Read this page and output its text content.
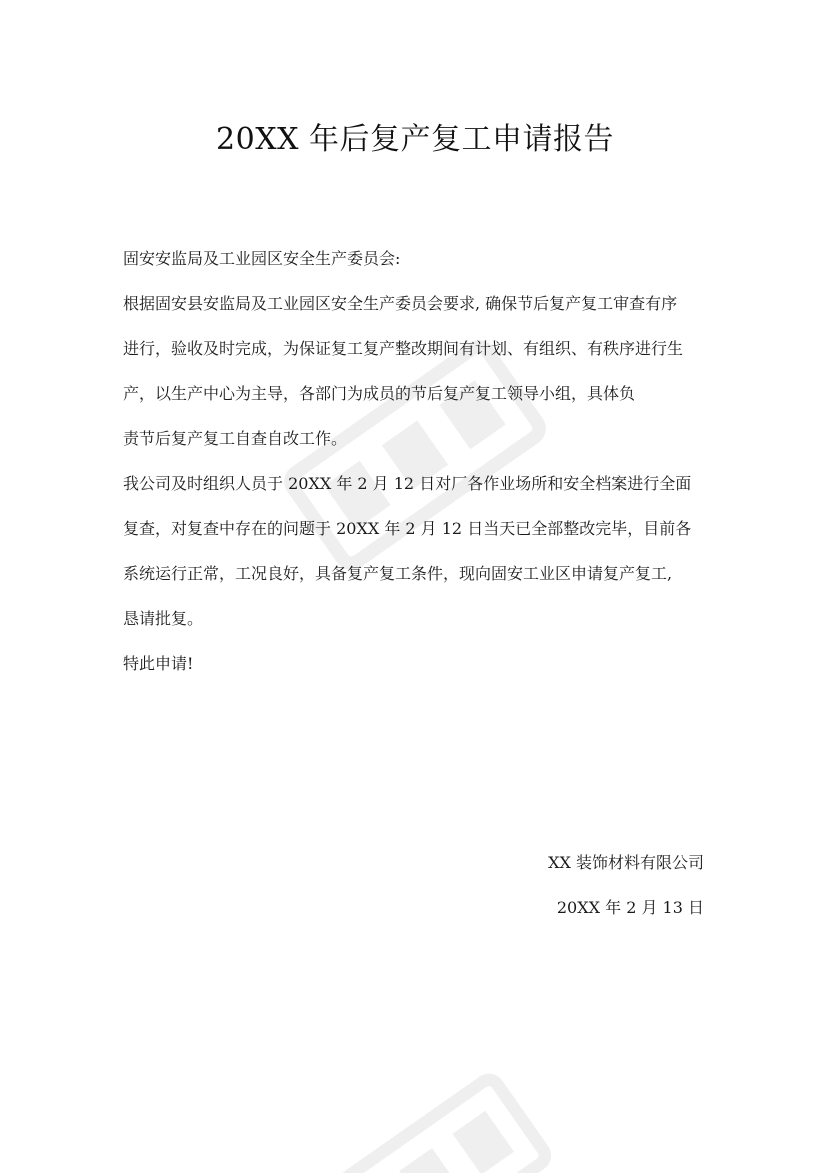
20XX 年后复产复工申请报告
固安安监局及工业园区安全生产委员会:
根据固安县安监局及工业园区安全生产委员会要求, 确保节后复产复工审查有序
进行，验收及时完成，为保证复工复产整改期间有计划、有组织、有秩序进行生
产，以生产中心为主导，各部门为成员的节后复产复工领导小组，具体负
责节后复产复工自查自改工作。
我公司及时组织人员于 20XX 年 2 月 12 日对厂各作业场所和安全档案进行全面
复查，对复查中存在的问题于 20XX 年 2 月 12 日当天已全部整改完毕，目前各
系统运行正常，工况良好，具备复产复工条件，现向固安工业区申请复产复工,
恳请批复。
特此申请!
XX 装饰材料有限公司
20XX 年 2 月 13 日
